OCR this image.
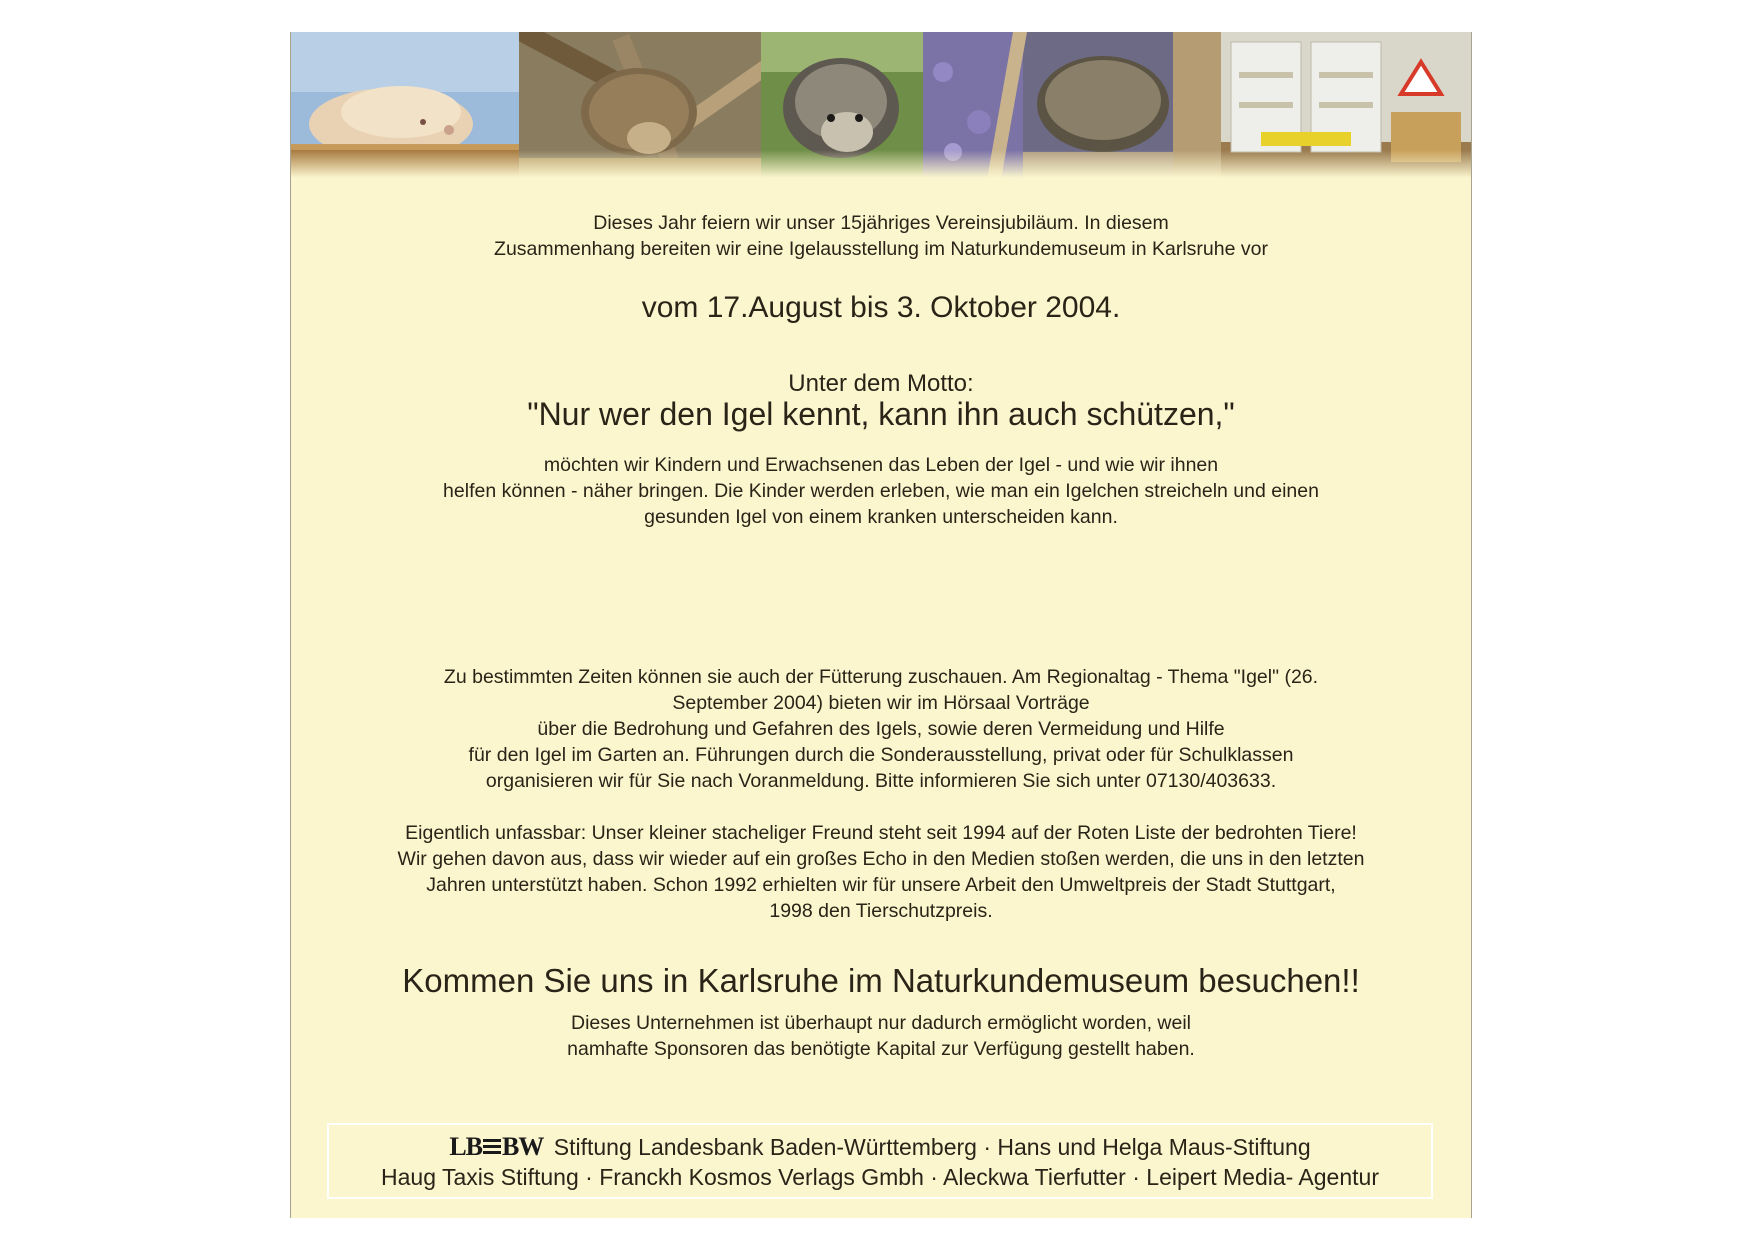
Dieses Jahr feiern wir unser 15jähriges Vereinsjubiläum. In diesem
Zusammenhang bereiten wir eine Igelausstellung im Naturkundemuseum in Karlsruhe vor
vom 17.August bis 3. Oktober 2004.
Unter dem Motto:
"Nur wer den Igel kennt, kann ihn auch schützen,"
möchten wir Kindern und Erwachsenen das Leben der Igel - und wie wir ihnen
helfen können - näher bringen. Die Kinder werden erleben, wie man ein Igelchen streicheln und einen
gesunden Igel von einem kranken unterscheiden kann.
Zu bestimmten Zeiten können sie auch der Fütterung zuschauen. Am Regionaltag - Thema "Igel" (26.
September 2004) bieten wir im Hörsaal Vorträge
über die Bedrohung und Gefahren des Igels, sowie deren Vermeidung und Hilfe
für den Igel im Garten an. Führungen durch die Sonderausstellung, privat oder für Schulklassen
organisieren wir für Sie nach Voranmeldung. Bitte informieren Sie sich unter 07130/403633.
Eigentlich unfassbar: Unser kleiner stacheliger Freund steht seit 1994 auf der Roten Liste der bedrohten Tiere!
Wir gehen davon aus, dass wir wieder auf ein großes Echo in den Medien stoßen werden, die uns in den letzten
Jahren unterstützt haben. Schon 1992 erhielten wir für unsere Arbeit den Umweltpreis der Stadt Stuttgart,
1998 den Tierschutzpreis.
Kommen Sie uns in Karlsruhe im Naturkundemuseum besuchen!!
Dieses Unternehmen ist überhaupt nur dadurch ermöglicht worden, weil
namhafte Sponsoren das benötigte Kapital zur Verfügung gestellt haben.
LB BW Stiftung Landesbank Baden-Württemberg · Hans und Helga Maus-Stiftung
Haug Taxis Stiftung · Franckh Kosmos Verlags Gmbh · Aleckwa Tierfutter · Leipert Media- Agentur
